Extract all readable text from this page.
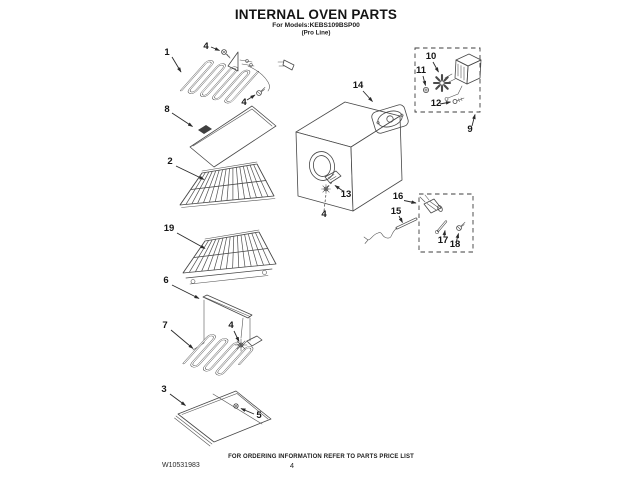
INTERNAL OVEN PARTS
For Models:KEBS109BSP00
(Pro Line)
1
4
4
8
2
19
6
7	4
3
5
14
13
4
9
10
11
12
16
15
17 18
FOR ORDERING INFORMATION REFER TO PARTS PRICE LIST
4
W10531983
